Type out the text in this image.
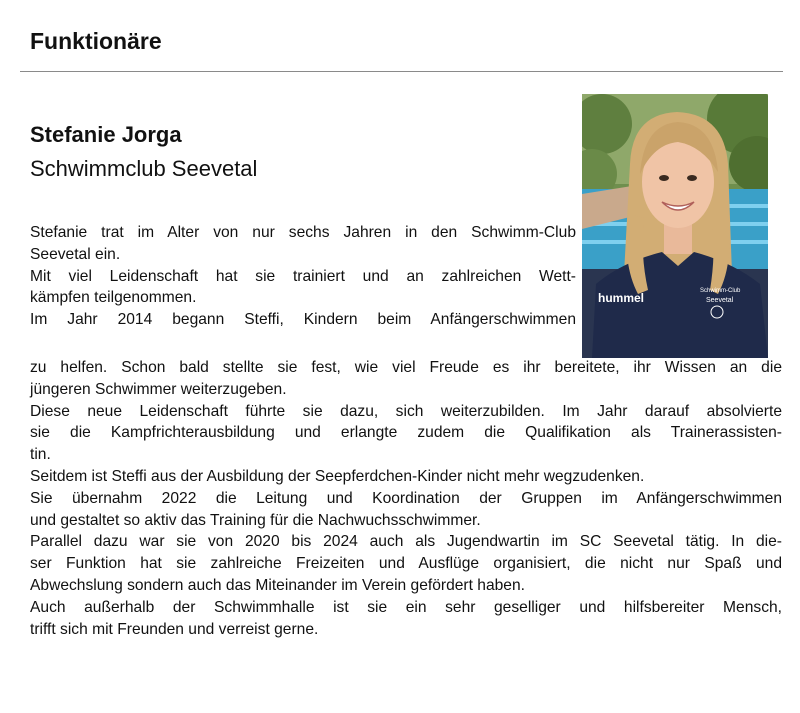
Funktionäre
Stefanie Jorga
Schwimmclub Seevetal
hummel	Schwimm-Club
Seevetal
Stefanie trat im Alter von nur sechs Jahren in den Schwimm-Club
Seevetal ein.
Mit viel Leidenschaft hat sie trainiert und an zahlreichen Wett-
kämpfen teilgenommen.
Im Jahr 2014 begann Steffi, Kindern beim Anfängerschwimmen
zu helfen. Schon bald stellte sie fest, wie viel Freude es ihr bereitete, ihr Wissen an die
jüngeren Schwimmer weiterzugeben.
Diese neue Leidenschaft führte sie dazu, sich weiterzubilden. Im Jahr darauf absolvierte
sie die Kampfrichterausbildung und erlangte zudem die Qualifikation als Trainerassisten-
tin.
Seitdem ist Steffi aus der Ausbildung der Seepferdchen-Kinder nicht mehr wegzudenken.
Sie übernahm 2022 die Leitung und Koordination der Gruppen im Anfängerschwimmen
und gestaltet so aktiv das Training für die Nachwuchsschwimmer.
Parallel dazu war sie von 2020 bis 2024 auch als Jugendwartin im SC Seevetal tätig. In die-
ser Funktion hat sie zahlreiche Freizeiten und Ausflüge organisiert, die nicht nur Spaß und
Abwechslung sondern auch das Miteinander im Verein gefördert haben.
Auch außerhalb der Schwimmhalle ist sie ein sehr geselliger und hilfsbereiter Mensch,
trifft sich mit Freunden und verreist gerne.
